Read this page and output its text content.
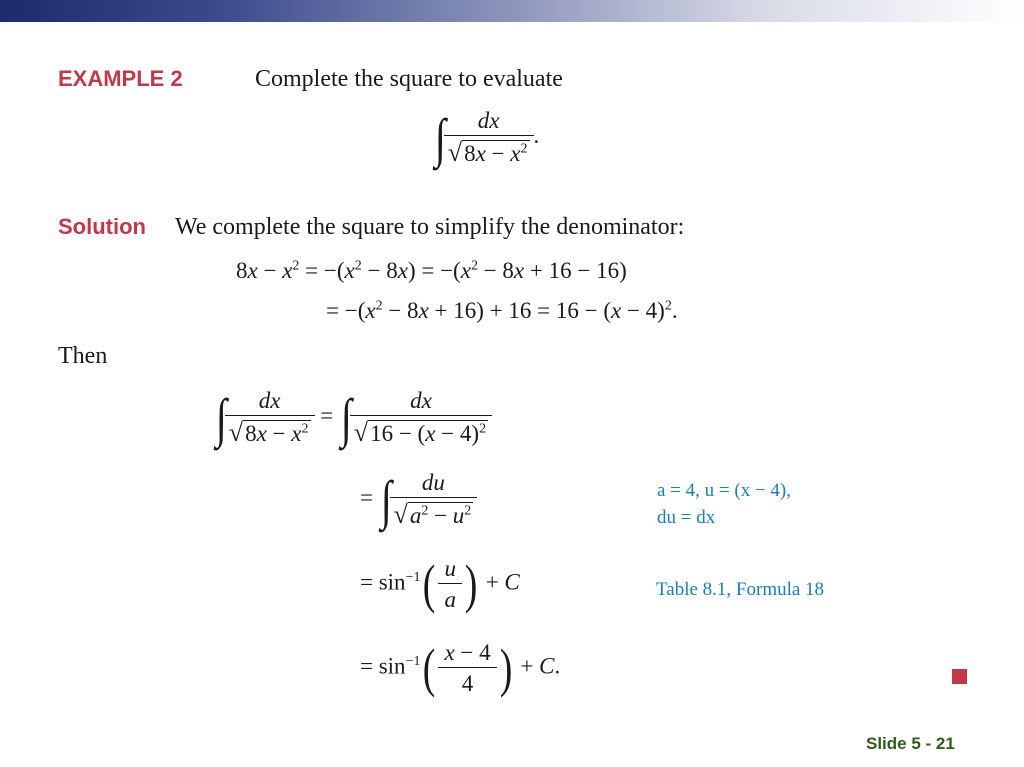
EXAMPLE 2	Complete the square to evaluate
∫
$\frac{dx}{√8x - x^2}$ .
Solution We complete the square to simplify the denominator:
$8x - x^2 = -(x^2 - 8x) = -(x^2 - 8x + 16 - 16)$
= $-(x^2 - 8x + 16) + 16 = 16 - (x - 4)^2$.
Then
∫
$\frac{dx}{√8x - x^2}$ = ∫
$\frac{dx}{√16 - (x - 4)^2}$
= ∫
$\frac{du}{√a^2 - u^2}$	a = 4, u = (x − 4),
du = dx
= $\sin^{-1}( \frac{u}{a}$ ) + C	Table 8.1, Formula 18
= $\sin^{-1}( \frac{x - 4}{4}$ ) + C.
Slide 5 - 21
